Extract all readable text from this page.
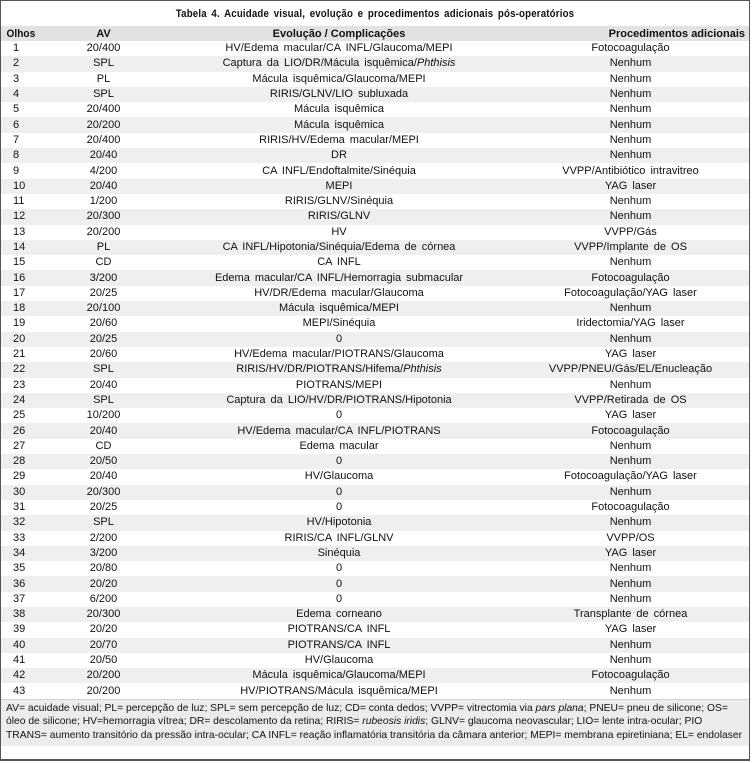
Tabela 4. Acuidade visual, evolução e procedimentos adicionais pós-operatórios
Olhos	AV	Evolução / Complicações	Procedimentos adicionais
1	20/400	HV/Edema macular/CA INFL/Glaucoma/MEPI	Fotocoagulação
2	SPL	Captura da LIO/DR/Mácula isquêmica/Phthisis	Nenhum
3	PL	Mácula isquêmica/Glaucoma/MEPI	Nenhum
4	SPL	RIRIS/GLNV/LIO subluxada	Nenhum
5	20/400	Mácula isquêmica	Nenhum
6	20/200	Mácula isquêmica	Nenhum
7	20/400	RIRIS/HV/Edema macular/MEPI	Nenhum
8	20/40	DR	Nenhum
9	4/200	CA INFL/Endoftalmite/Sinéquia	VVPP/Antibiótico intravitreo
10	20/40	MEPI	YAG laser
11	1/200	RIRIS/GLNV/Sinéquia	Nenhum
12	20/300	RIRIS/GLNV	Nenhum
13	20/200	HV	VVPP/Gás
14	PL	CA INFL/Hipotonia/Sinéquia/Edema de córnea	VVPP/Implante de OS
15	CD	CA INFL	Nenhum
16	3/200	Edema macular/CA INFL/Hemorragia submacular	Fotocoagulação
17	20/25	HV/DR/Edema macular/Glaucoma	Fotocoagulação/YAG laser
18	20/100	Mácula isquêmica/MEPI	Nenhum
19	20/60	MEPI/Sinéquia	Iridectomia/YAG laser
20	20/25	0	Nenhum
21	20/60	HV/Edema macular/PIOTRANS/Glaucoma	YAG laser
22	SPL	RIRIS/HV/DR/PIOTRANS/Hifema/Phthisis	VVPP/PNEU/Gás/EL/Enucleação
23	20/40	PIOTRANS/MEPI	Nenhum
24	SPL	Captura da LIO/HV/DR/PIOTRANS/Hipotonia	VVPP/Retirada de OS
25	10/200	0	YAG laser
26	20/40	HV/Edema macular/CA INFL/PIOTRANS	Fotocoagulação
27	CD	Edema macular	Nenhum
28	20/50	0	Nenhum
29	20/40	HV/Glaucoma	Fotocoagulação/YAG laser
30	20/300	0	Nenhum
31	20/25	0	Fotocoagulação
32	SPL	HV/Hipotonia	Nenhum
33	2/200	RIRIS/CA INFL/GLNV	VVPP/OS
34	3/200	Sinéquia	YAG laser
35	20/80	0	Nenhum
36	20/20	0	Nenhum
37	6/200	0	Nenhum
38	20/300	Edema corneano	Transplante de córnea
39	20/20	PIOTRANS/CA INFL	YAG laser
40	20/70	PIOTRANS/CA INFL	Nenhum
41	20/50	HV/Glaucoma	Nenhum
42	20/200	Mácula isquêmica/Glaucoma/MEPI	Fotocoagulação
43	20/200	HV/PIOTRANS/Mácula isquêmica/MEPI	Nenhum
AV= acuidade visual; PL= percepção de luz; SPL= sem percepção de luz; CD= conta dedos; VVPP= vitrectomia via pars plana; PNEU= pneu de silicone; OS= óleo de silicone; HV=hemorragia vítrea; DR= descolamento da retina; RIRIS= rubeosis iridis; GLNV= glaucoma neovascular; LIO= lente intra-ocular; PIO TRANS= aumento transitório da pressão intra-ocular; CA INFL= reação inflamatória transitória da câmara anterior; MEPI= membrana epiretiniana; EL= endolaser
